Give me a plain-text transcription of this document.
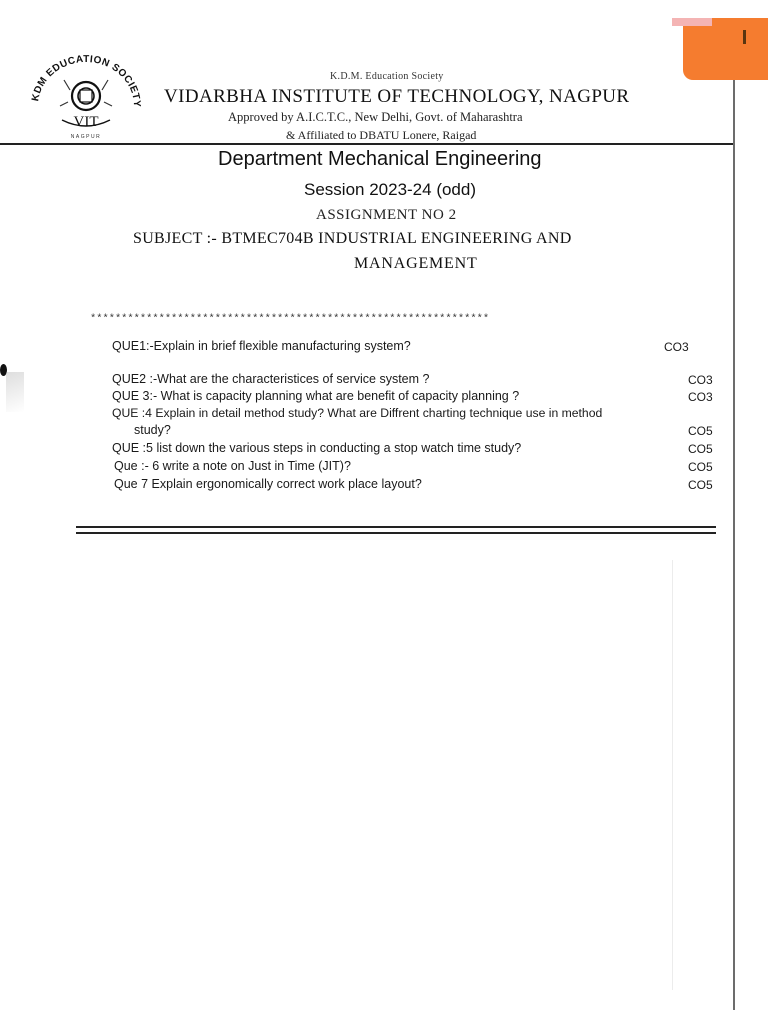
KDM EDUCATION SOCIETY
VIT
NAGPUR
K.D.M. Education Society
VIDARBHA INSTITUTE OF TECHNOLOGY, NAGPUR
Approved by A.I.C.T.C., New Delhi, Govt. of Maharashtra
& Affiliated to DBATU Lonere, Raigad
Department Mechanical Engineering
Session 2023-24 (odd)
ASSIGNMENT NO 2
SUBJECT :- BTMEC704B INDUSTRIAL ENGINEERING AND
MANAGEMENT
****************************************************************
QUE1:-Explain in brief flexible manufacturing system?	CO3
QUE2 :-What are the characteristices of service system ?	CO3
QUE 3:- What is capacity planning what are benefit of capacity planning ?	CO3
QUE :4 Explain in detail method study? What are Diffrent charting technique use in method
study?	CO5
QUE :5 list down the various steps in conducting a stop watch time study?	CO5
Que :- 6 write a note on Just in Time (JIT)?	CO5
Que 7 Explain ergonomically correct work place layout?	CO5
